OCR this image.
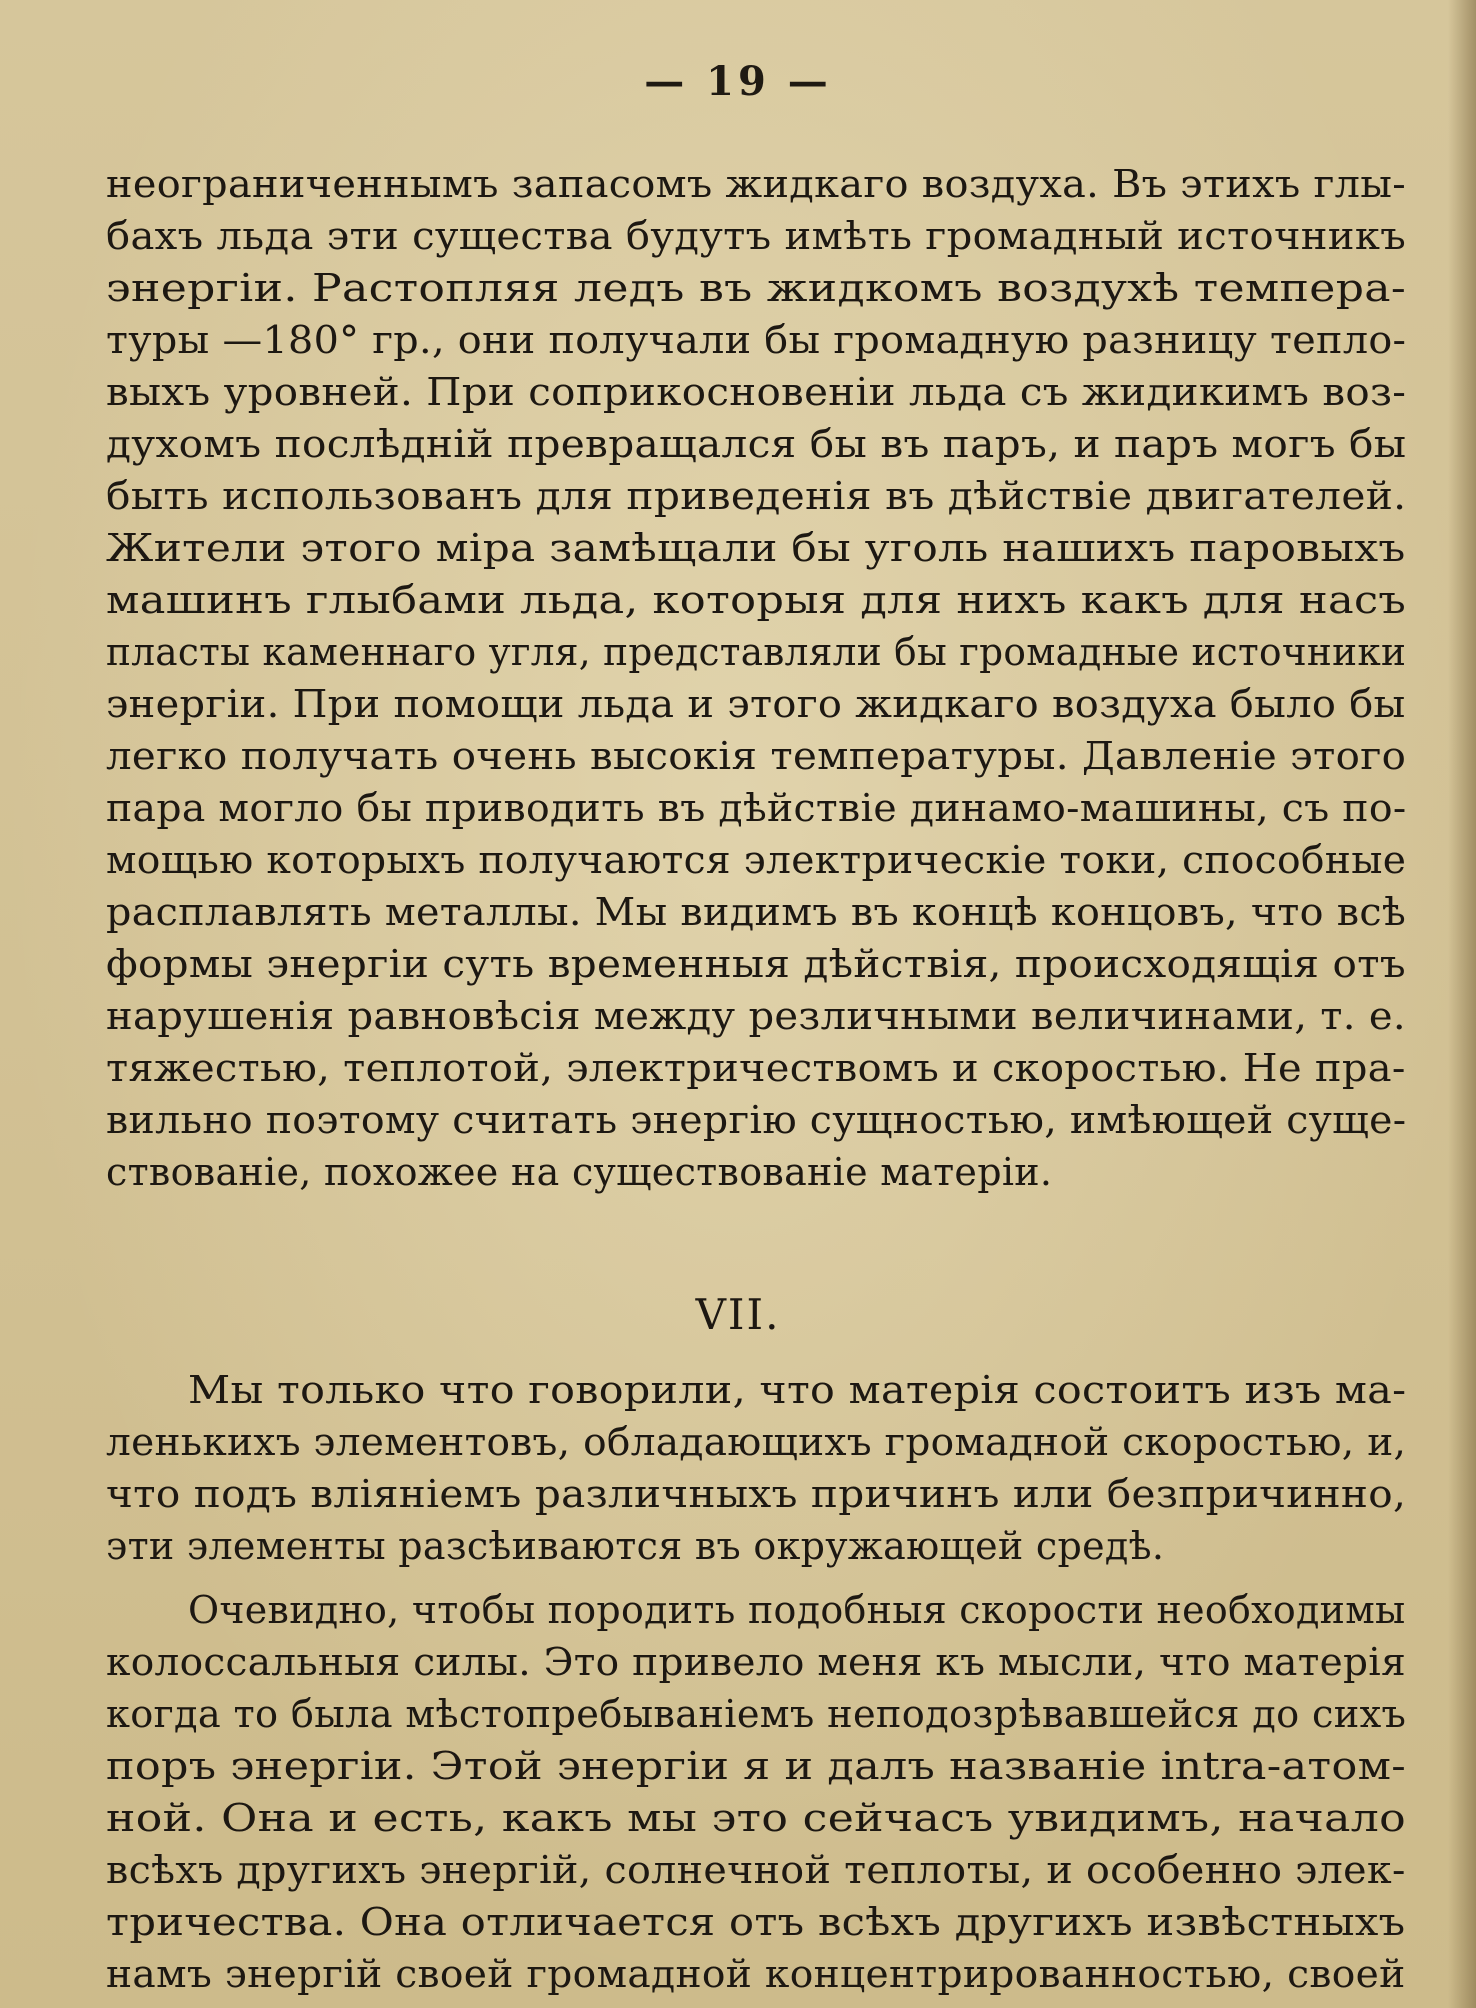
— 19 —
неограниченнымъ запасомъ жидкаго воздуха. Въ этихъ глы-
бахъ льда эти существа будутъ имѣть громадный источникъ
энергіи. Растопляя ледъ въ жидкомъ воздухѣ темпера-
туры —180° гр., они получали бы громадную разницу тепло-
выхъ уровней. При соприкосновеніи льда съ жидикимъ воз-
духомъ послѣдній превращался бы въ паръ, и паръ могъ бы
быть использованъ для приведенія въ дѣйствіе двигателей.
Жители этого міра замѣщали бы уголь нашихъ паровыхъ
машинъ глыбами льда, которыя для нихъ какъ для насъ
пласты каменнаго угля, представляли бы громадные источники
энергіи. При помощи льда и этого жидкаго воздуха было бы
легко получать очень высокія температуры. Давленіе этого
пара могло бы приводить въ дѣйствіе динамо-машины, съ по-
мощью которыхъ получаются электрическіе токи, способные
расплавлять металлы. Мы видимъ въ концѣ концовъ, что всѣ
формы энергіи суть временныя дѣйствія, происходящія отъ
нарушенія равновѣсія между резличными величинами, т. е.
тяжестью, теплотой, электричествомъ и скоростью. Не пра-
вильно поэтому считать энергію сущностью, имѣющей суще-
ствованіе, похожее на существованіе матеріи.
VII.
Мы только что говорили, что матерія состоитъ изъ ма-
ленькихъ элементовъ, обладающихъ громадной скоростью, и,
что подъ вліяніемъ различныхъ причинъ или безпричинно,
эти элементы разсѣиваются въ окружающей средѣ.
Очевидно, чтобы породить подобныя скорости необходимы
колоссальныя силы. Это привело меня къ мысли, что матерія
когда то была мѣстопребываніемъ неподозрѣвавшейся до сихъ
поръ энергіи. Этой энергіи я и далъ названіе intra-атом-
ной. Она и есть, какъ мы это сейчасъ увидимъ, начало
всѣхъ другихъ энергій, солнечной теплоты, и особенно элек-
тричества. Она отличается отъ всѣхъ другихъ извѣстныхъ
намъ энергій своей громадной концентрированностью, своей
